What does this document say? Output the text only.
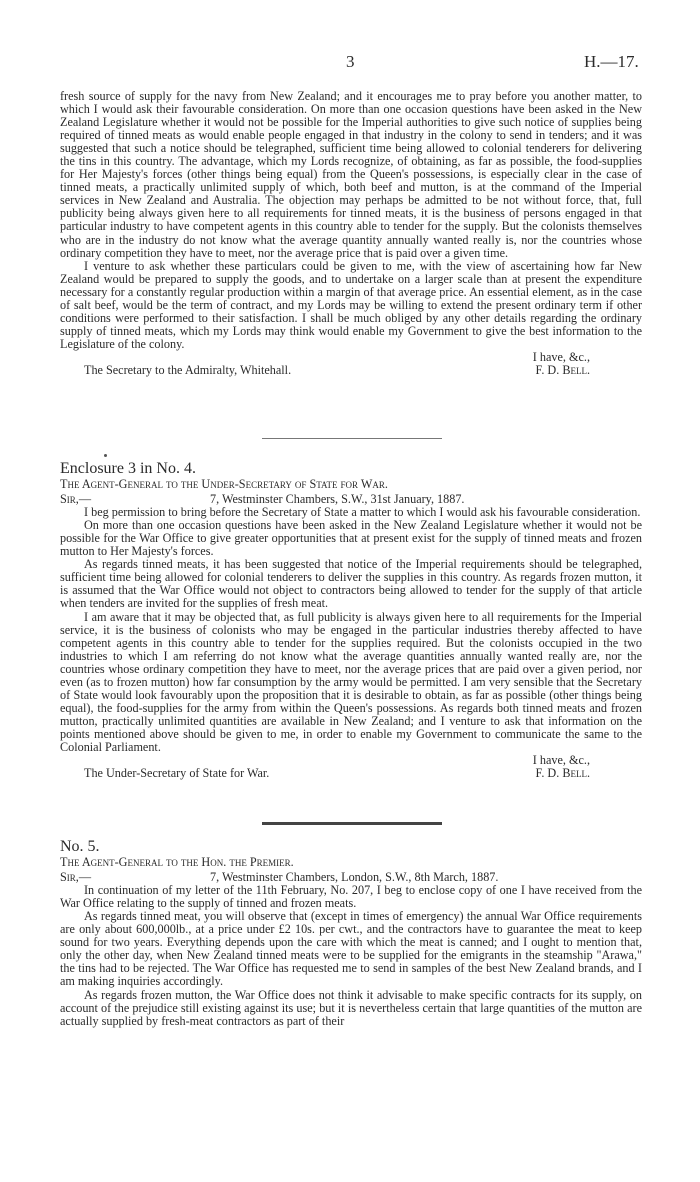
3	H.—17.

fresh source of supply for the navy from New Zealand; and it encourages me to pray before you another matter, to which I would ask their favourable consideration. On more than one occasion questions have been asked in the New Zealand Legislature whether it would not be possible for the Imperial authorities to give such notice of supplies being required of tinned meats as would enable people engaged in that industry in the colony to send in tenders; and it was suggested that such a notice should be telegraphed, sufficient time being allowed to colonial tenderers for delivering the tins in this country. The advantage, which my Lords recognize, of obtaining, as far as possible, the food-supplies for Her Majesty's forces (other things being equal) from the Queen's possessions, is especially clear in the case of tinned meats, a practically unlimited supply of which, both beef and mutton, is at the command of the Imperial services in New Zealand and Australia. The objection may perhaps be admitted to be not without force, that, full publicity being always given here to all requirements for tinned meats, it is the business of persons engaged in that particular industry to have competent agents in this country able to tender for the supply. But the colonists themselves who are in the industry do not know what the average quantity annually wanted really is, nor the countries whose ordinary competition they have to meet, nor the average price that is paid over a given time.

I venture to ask whether these particulars could be given to me, with the view of ascertaining how far New Zealand would be prepared to supply the goods, and to undertake on a larger scale than at present the expenditure necessary for a constantly regular production within a margin of that average price. An essential element, as in the case of salt beef, would be the term of contract, and my Lords may be willing to extend the present ordinary term if other conditions were performed to their satisfaction. I shall be much obliged by any other details regarding the ordinary supply of tinned meats, which my Lords may think would enable my Government to give the best information to the Legislature of the colony.

I have, &c.,
The Secretary to the Admiralty, Whitehall.	F. D. Bell.

Enclosure 3 in No. 4.

The Agent-General to the Under-Secretary of State for War.

Sir,—	7, Westminster Chambers, S.W., 31st January, 1887.

I beg permission to bring before the Secretary of State a matter to which I would ask his favourable consideration.

On more than one occasion questions have been asked in the New Zealand Legislature whether it would not be possible for the War Office to give greater opportunities that at present exist for the supply of tinned meats and frozen mutton to Her Majesty's forces.

As regards tinned meats, it has been suggested that notice of the Imperial requirements should be telegraphed, sufficient time being allowed for colonial tenderers to deliver the supplies in this country. As regards frozen mutton, it is assumed that the War Office would not object to contractors being allowed to tender for the supply of that article when tenders are invited for the supplies of fresh meat.

I am aware that it may be objected that, as full publicity is always given here to all requirements for the Imperial service, it is the business of colonists who may be engaged in the particular industries thereby affected to have competent agents in this country able to tender for the supplies required. But the colonists occupied in the two industries to which I am referring do not know what the average quantities annually wanted really are, nor the countries whose ordinary competition they have to meet, nor the average prices that are paid over a given period, nor even (as to frozen mutton) how far consumption by the army would be permitted. I am very sensible that the Secretary of State would look favourably upon the proposition that it is desirable to obtain, as far as possible (other things being equal), the food-supplies for the army from within the Queen's possessions. As regards both tinned meats and frozen mutton, practically unlimited quantities are available in New Zealand; and I venture to ask that information on the points mentioned above should be given to me, in order to enable my Government to communicate the same to the Colonial Parliament.

I have, &c.,
The Under-Secretary of State for War.	F. D. Bell.

No. 5.

The Agent-General to the Hon. the Premier.

Sir,—	7, Westminster Chambers, London, S.W., 8th March, 1887.

In continuation of my letter of the 11th February, No. 207, I beg to enclose copy of one I have received from the War Office relating to the supply of tinned and frozen meats.

As regards tinned meat, you will observe that (except in times of emergency) the annual War Office requirements are only about 600,000lb., at a price under £2 10s. per cwt., and the contractors have to guarantee the meat to keep sound for two years. Everything depends upon the care with which the meat is canned; and I ought to mention that, only the other day, when New Zealand tinned meats were to be supplied for the emigrants in the steamship "Arawa," the tins had to be rejected. The War Office has requested me to send in samples of the best New Zealand brands, and I am making inquiries accordingly.

As regards frozen mutton, the War Office does not think it advisable to make specific contracts for its supply, on account of the prejudice still existing against its use; but it is nevertheless certain that large quantities of the mutton are actually supplied by fresh-meat contractors as part of their
